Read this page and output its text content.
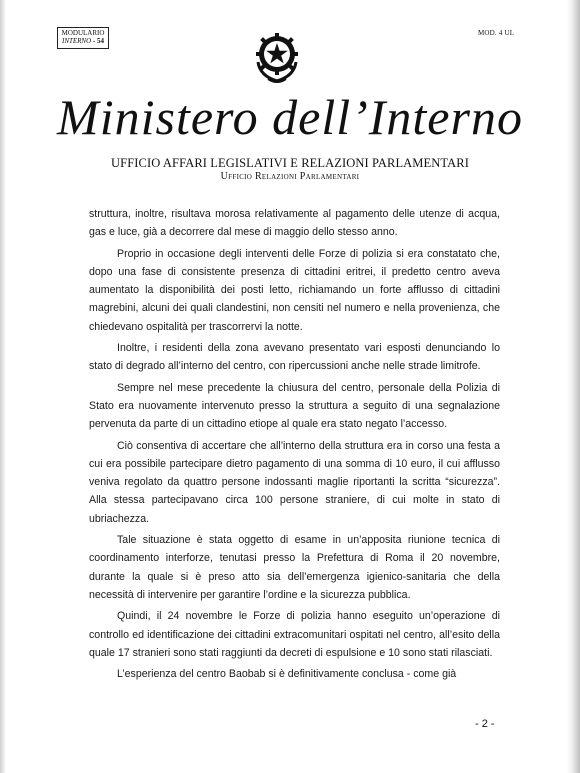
MODULARIO
INTERNO - 54
MOD. 4 UL
Ministero dell’Interno
UFFICIO AFFARI LEGISLATIVI E RELAZIONI PARLAMENTARI
Ufficio Relazioni Parlamentari

struttura, inoltre, risultava morosa relativamente al pagamento delle utenze di acqua, gas e luce, già a decorrere dal mese di maggio dello stesso anno.

Proprio in occasione degli interventi delle Forze di polizia si era constatato che, dopo una fase di consistente presenza di cittadini eritrei, il predetto centro aveva aumentato la disponibilità dei posti letto, richiamando un forte afflusso di cittadini magrebini, alcuni dei quali clandestini, non censiti nel numero e nella provenienza, che chiedevano ospitalità per trascorrervi la notte.

Inoltre, i residenti della zona avevano presentato vari esposti denunciando lo stato di degrado all’interno del centro, con ripercussioni anche nelle strade limitrofe.

Sempre nel mese precedente la chiusura del centro, personale della Polizia di Stato era nuovamente intervenuto presso la struttura a seguito di una segnalazione pervenuta da parte di un cittadino etiope al quale era stato negato l’accesso.

Ciò consentiva di accertare che all’interno della struttura era in corso una festa a cui era possibile partecipare dietro pagamento di una somma di 10 euro, il cui afflusso veniva regolato da quattro persone indossanti maglie riportanti la scritta “sicurezza”. Alla stessa partecipavano circa 100 persone straniere, di cui molte in stato di ubriachezza.

Tale situazione è stata oggetto di esame in un’apposita riunione tecnica di coordinamento interforze, tenutasi presso la Prefettura di Roma il 20 novembre, durante la quale si è preso atto sia dell’emergenza igienico-sanitaria che della necessità di intervenire per garantire l’ordine e la sicurezza pubblica.

Quindi, il 24 novembre le Forze di polizia hanno eseguito un’operazione di controllo ed identificazione dei cittadini extracomunitari ospitati nel centro, all’esito della quale 17 stranieri sono stati raggiunti da decreti di espulsione e 10 sono stati rilasciati.

L’esperienza del centro Baobab si è definitivamente conclusa - come già

- 2 -
